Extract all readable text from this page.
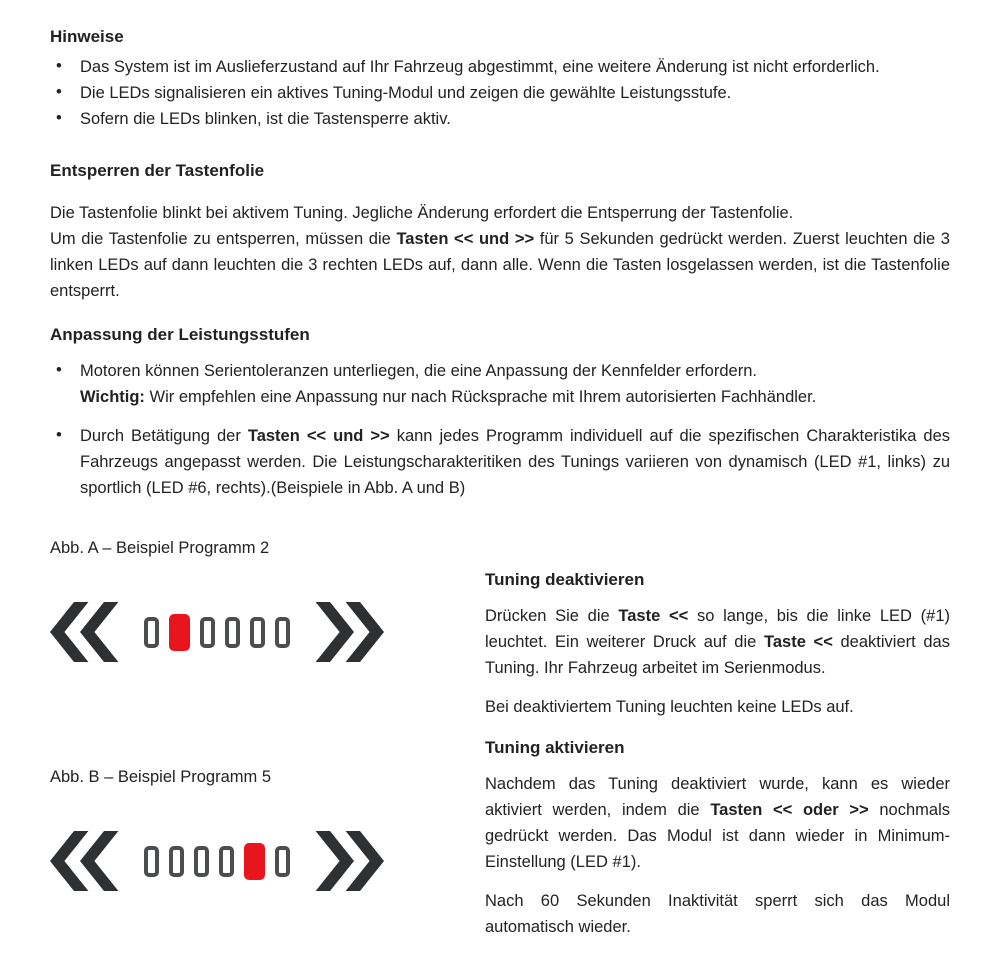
Hinweise
•	Das System ist im Auslieferzustand auf Ihr Fahrzeug abgestimmt, eine weitere Änderung ist nicht erforderlich.
•	Die LEDs signalisieren ein aktives Tuning-Modul und zeigen die gewählte Leistungsstufe.
•	Sofern die LEDs blinken, ist die Tastensperre aktiv.
Entsperren der Tastenfolie
Die Tastenfolie blinkt bei aktivem Tuning. Jegliche Änderung erfordert die Entsperrung der Tastenfolie.
Um die Tastenfolie zu entsperren, müssen die Tasten << und >> für 5 Sekunden gedrückt werden. Zuerst leuchten die 3 linken LEDs auf dann leuchten die 3 rechten LEDs auf, dann alle. Wenn die Tasten losgelassen werden, ist die Tastenfolie entsperrt.
Anpassung der Leistungsstufen
•	Motoren können Serientoleranzen unterliegen, die eine Anpassung der Kennfelder erfordern.
Wichtig: Wir empfehlen eine Anpassung nur nach Rücksprache mit Ihrem autorisierten Fachhändler.
•	Durch Betätigung der Tasten << und >> kann jedes Programm individuell auf die spezifischen Charakteristika des Fahrzeugs angepasst werden. Die Leistungscharakteritiken des Tunings variieren von dynamisch (LED #1, links) zu sportlich (LED #6, rechts).(Beispiele in Abb. A und B)
Abb. A – Beispiel Programm 2
Abb. B – Beispiel Programm 5
Tuning deaktivieren
Drücken Sie die Taste << so lange, bis die linke LED (#1) leuchtet. Ein weiterer Druck auf die Taste << deaktiviert das Tuning. Ihr Fahrzeug arbeitet im Serienmodus.

Bei deaktiviertem Tuning leuchten keine LEDs auf.

Tuning aktivieren
Nachdem das Tuning deaktiviert wurde, kann es wieder aktiviert werden, indem die Tasten << oder >> nochmals gedrückt werden. Das Modul ist dann wieder in Minimum-Einstellung (LED #1).

Nach 60 Sekunden Inaktivität sperrt sich das Modul automatisch wieder.
